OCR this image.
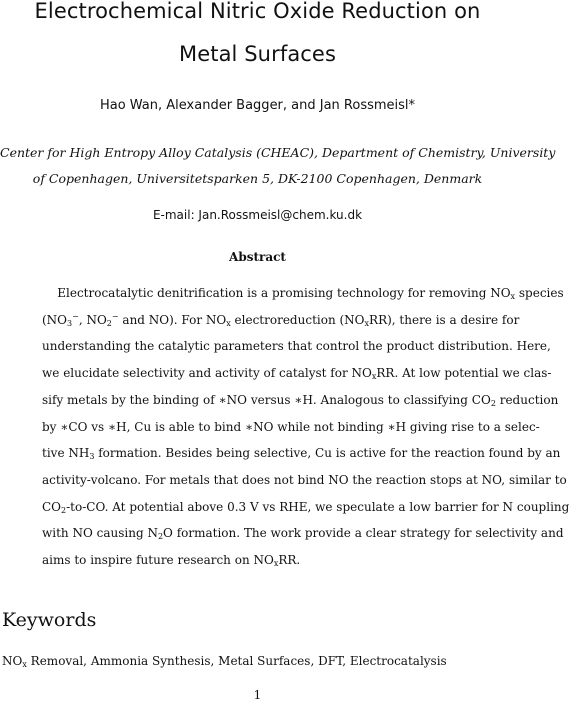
Electrochemical Nitric Oxide Reduction on
Metal Surfaces
Hao Wan, Alexander Bagger, and Jan Rossmeisl*
Center for High Entropy Alloy Catalysis (CHEAC), Department of Chemistry, University
of Copenhagen, Universitetsparken 5, DK-2100 Copenhagen, Denmark
E-mail: Jan.Rossmeisl@chem.ku.dk
Abstract
Electrocatalytic denitrification is a promising technology for removing $NO_x$ species
($NO_3^-$, $NO_2^-$ and NO). For $NO_x$ electroreduction $(NO_xRR)$, there is a desire for
understanding the catalytic parameters that control the product distribution. Here,
we elucidate selectivity and activity of catalyst for $NO_xRR$. At low potential we clas-
sify metals by the binding of ∗NO versus ∗H. Analogous to classifying $CO_2$ reduction
by ∗CO vs ∗H, Cu is able to bind ∗NO while not binding ∗H giving rise to a selec-
tive $NH_3$ formation. Besides being selective, Cu is active for the reaction found by an
activity-volcano. For metals that does not bind NO the reaction stops at NO, similar to
$CO_2-to-CO$. At potential above 0.3 V vs RHE, we speculate a low barrier for N coupling
with NO causing $N_2O$ formation. The work provide a clear strategy for selectivity and
aims to inspire future research on $NO_xRR$.
Keywords
$NO_x$ Removal, Ammonia Synthesis, Metal Surfaces, DFT, Electrocatalysis
1
